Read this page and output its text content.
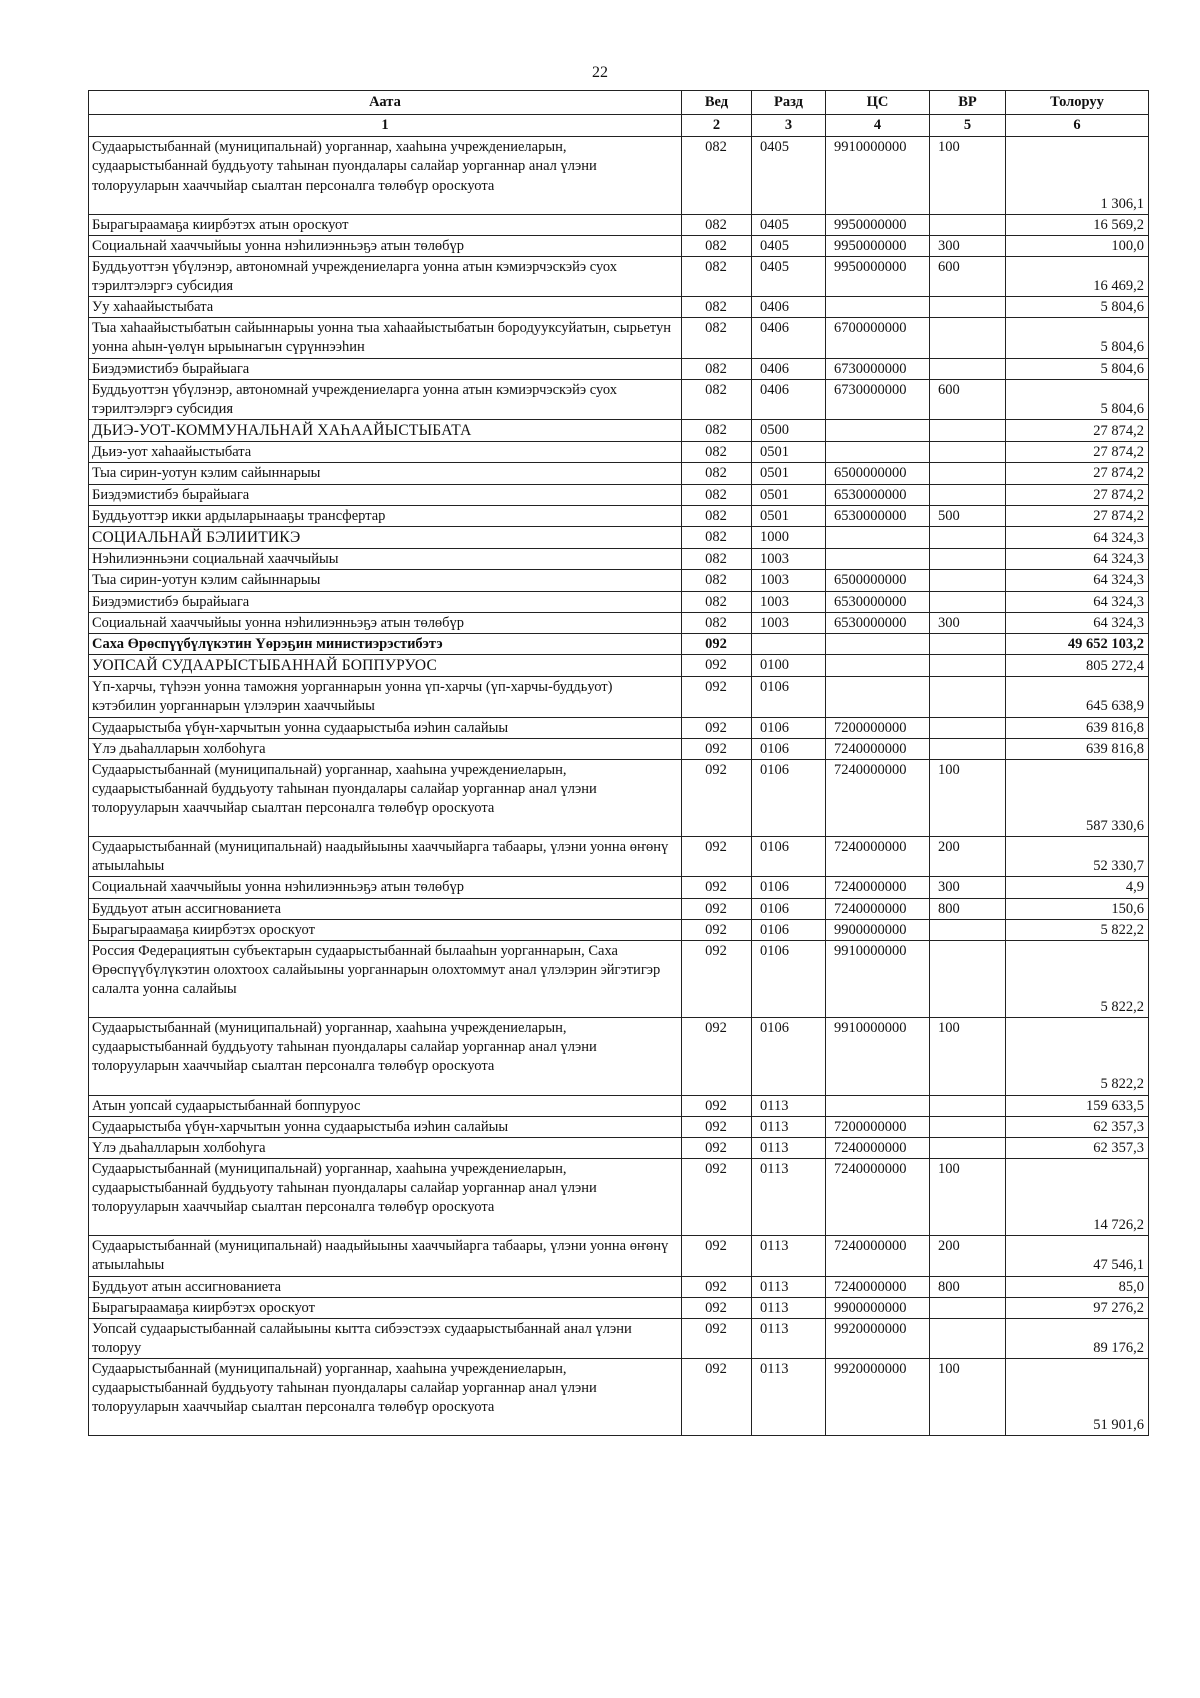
22
Аата	Вед	Разд	ЦС	ВР	Толоруу
1	2	3	4	5	6
Судаарыстыбаннай (муниципальнай) уорганнар, хааһына учреждениеларын, судаарыстыбаннай буддьуоту таһынан пуондалары салайар уорганнар анал үлэни толорууларын хааччыйар сыалтан персоналга төлөбүр ороскуота	082	0405	9910000000	100	1 306,1
Бырагыраамаҕа киирбэтэх атын ороскуот	082	0405	9950000000		16 569,2
Социальнай хааччыйыы уонна нэһилиэнньэҕэ атын төлөбүр	082	0405	9950000000	300	100,0
Буддьуоттэн үбүлэнэр, автономнай учреждениеларга уонна атын кэмиэрчэскэйэ суох тэрилтэлэргэ субсидия	082	0405	9950000000	600	16 469,2
Уу хаһаайыстыбата	082	0406			5 804,6
Тыа хаһаайыстыбатын сайыннарыы уонна тыа хаһаайыстыбатын бородууксуйатын, сырьетун уонна аһын-үөлүн ырыынагын сүрүннээһин	082	0406	6700000000		5 804,6
Биэдэмистибэ бырайыага	082	0406	6730000000		5 804,6
Буддьуоттэн үбүлэнэр, автономнай учреждениеларга уонна атын кэмиэрчэскэйэ суох тэрилтэлэргэ субсидия	082	0406	6730000000	600	5 804,6
ДЬИЭ-УОТ-КОММУНАЛЬНАЙ ХАҺААЙЫСТЫБАТА	082	0500			27 874,2
Дьиэ-уот хаһаайыстыбата	082	0501			27 874,2
Тыа сирин-уотун кэлим сайыннарыы	082	0501	6500000000		27 874,2
Биэдэмистибэ бырайыага	082	0501	6530000000		27 874,2
Буддьуоттэр икки ардыларынааҕы трансфертар	082	0501	6530000000	500	27 874,2
СОЦИАЛЬНАЙ БЭЛИИТИКЭ	082	1000			64 324,3
Нэһилиэнньэни социальнай хааччыйыы	082	1003			64 324,3
Тыа сирин-уотун кэлим сайыннарыы	082	1003	6500000000		64 324,3
Биэдэмистибэ бырайыага	082	1003	6530000000		64 324,3
Социальнай хааччыйыы уонна нэһилиэнньэҕэ атын төлөбүр	082	1003	6530000000	300	64 324,3
Саха Өрөспүүбүлүкэтин Үөрэҕин министиэрэстибэтэ	092				49 652 103,2
УОПСАЙ СУДААРЫСТЫБАННАЙ БОППУРУОС	092	0100			805 272,4
Үп-харчы, түһээн уонна таможня уорганнарын уонна үп-харчы (үп-харчы-буддьуот) кэтэбилин уорганнарын үлэлэрин хааччыйыы	092	0106			645 638,9
Судаарыстыба үбүн-харчытын уонна судаарыстыба иэһин салайыы	092	0106	7200000000		639 816,8
Үлэ дьаһалларын холбоһуга	092	0106	7240000000		639 816,8
Судаарыстыбаннай (муниципальнай) уорганнар, хааһына учреждениеларын, судаарыстыбаннай буддьуоту таһынан пуондалары салайар уорганнар анал үлэни толорууларын хааччыйар сыалтан персоналга төлөбүр ороскуота	092	0106	7240000000	100	587 330,6
Судаарыстыбаннай (муниципальнай) наадыйыыны хааччыйарга табаары, үлэни уонна өҥөнү атыылаһыы	092	0106	7240000000	200	52 330,7
Социальнай хааччыйыы уонна нэһилиэнньэҕэ атын төлөбүр	092	0106	7240000000	300	4,9
Буддьуот атын ассигнованиета	092	0106	7240000000	800	150,6
Бырагыраамаҕа киирбэтэх ороскуот	092	0106	9900000000		5 822,2
Россия Федерациятын субъектарын судаарыстыбаннай былааһын уорганнарын, Саха Өрөспүүбүлүкэтин олохтоох салайыыны уорганнарын олохтоммут анал үлэлэрин эйгэтигэр салалта уонна салайыы	092	0106	9910000000		5 822,2
Судаарыстыбаннай (муниципальнай) уорганнар, хааһына учреждениеларын, судаарыстыбаннай буддьуоту таһынан пуондалары салайар уорганнар анал үлэни толорууларын хааччыйар сыалтан персоналга төлөбүр ороскуота	092	0106	9910000000	100	5 822,2
Атын уопсай судаарыстыбаннай боппуруос	092	0113			159 633,5
Судаарыстыба үбүн-харчытын уонна судаарыстыба иэһин салайыы	092	0113	7200000000		62 357,3
Үлэ дьаһалларын холбоһуга	092	0113	7240000000		62 357,3
Судаарыстыбаннай (муниципальнай) уорганнар, хааһына учреждениеларын, судаарыстыбаннай буддьуоту таһынан пуондалары салайар уорганнар анал үлэни толорууларын хааччыйар сыалтан персоналга төлөбүр ороскуота	092	0113	7240000000	100	14 726,2
Судаарыстыбаннай (муниципальнай) наадыйыыны хааччыйарга табаары, үлэни уонна өҥөнү атыылаһыы	092	0113	7240000000	200	47 546,1
Буддьуот атын ассигнованиета	092	0113	7240000000	800	85,0
Бырагыраамаҕа киирбэтэх ороскуот	092	0113	9900000000		97 276,2
Уопсай судаарыстыбаннай салайыыны кытта сибээстээх судаарыстыбаннай анал үлэни толоруу	092	0113	9920000000		89 176,2
Судаарыстыбаннай (муниципальнай) уорганнар, хааһына учреждениеларын, судаарыстыбаннай буддьуоту таһынан пуондалары салайар уорганнар анал үлэни толорууларын хааччыйар сыалтан персоналга төлөбүр ороскуота	092	0113	9920000000	100	51 901,6
